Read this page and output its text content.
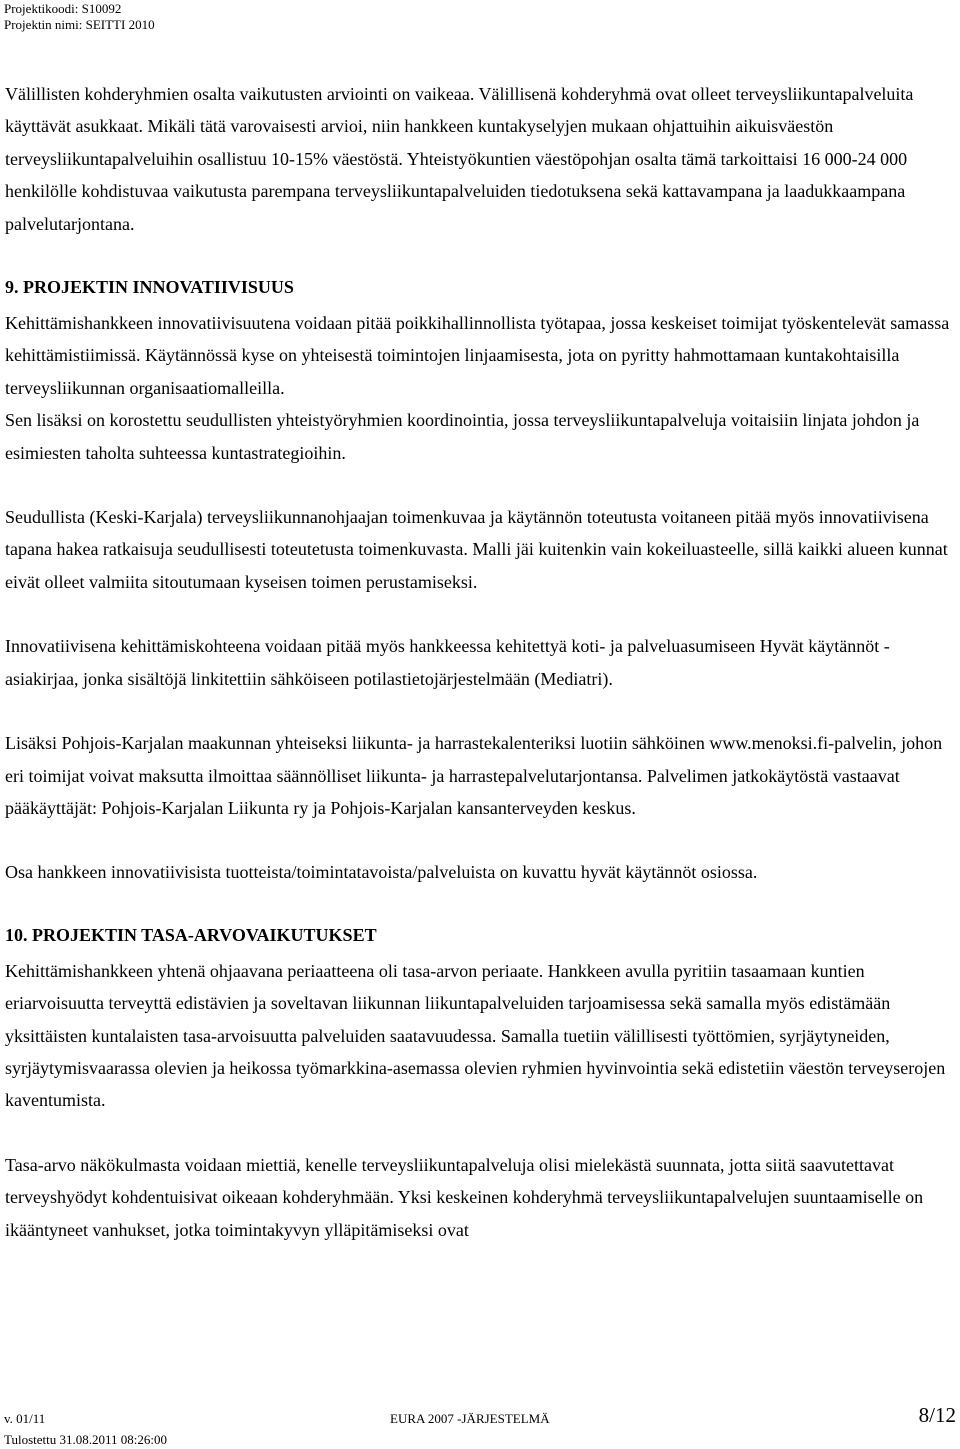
Projektikoodi: S10092
Projektin nimi: SEITTI 2010

Välillisten kohderyhmien osalta vaikutusten arviointi on vaikeaa. Välillisenä kohderyhmä ovat olleet terveysliikuntapalveluita käyttävät asukkaat. Mikäli tätä varovaisesti arvioi, niin hankkeen kuntakyselyjen mukaan ohjattuihin aikuisväestön terveysliikuntapalveluihin osallistuu 10-15% väestöstä. Yhteistyökuntien väestöpohjan osalta tämä tarkoittaisi 16 000-24 000 henkilölle kohdistuvaa vaikutusta parempana terveysliikuntapalveluiden tiedotuksena sekä kattavampana ja laadukkaampana palvelutarjontana.

9. PROJEKTIN INNOVATIIVISUUS

Kehittämishankkeen innovatiivisuutena voidaan pitää poikkihallinnollista työtapaa, jossa keskeiset toimijat työskentelevät samassa kehittämistiimissä. Käytännössä kyse on yhteisestä toimintojen linjaamisesta, jota on pyritty hahmottamaan kuntakohtaisilla terveysliikunnan organisaatiomalleilla.

Sen lisäksi on korostettu seudullisten yhteistyöryhmien koordinointia, jossa terveysliikuntapalveluja voitaisiin linjata johdon ja esimiesten taholta suhteessa kuntastrategioihin.

Seudullista (Keski-Karjala) terveysliikunnanohjaajan toimenkuvaa ja käytännön toteutusta voitaneen pitää myös innovatiivisena tapana hakea ratkaisuja seudullisesti toteutetusta toimenkuvasta. Malli jäi kuitenkin vain kokeiluasteelle, sillä kaikki alueen kunnat eivät olleet valmiita sitoutumaan kyseisen toimen perustamiseksi.

Innovatiivisena kehittämiskohteena voidaan pitää myös hankkeessa kehitettyä koti- ja palveluasumiseen Hyvät käytännöt -asiakirjaa, jonka sisältöjä linkitettiin sähköiseen potilastietojärjestelmään (Mediatri).

Lisäksi Pohjois-Karjalan maakunnan yhteiseksi liikunta- ja harrastekalenteriksi luotiin sähköinen www.menoksi.fi-palvelin, johon eri toimijat voivat maksutta ilmoittaa säännölliset liikunta- ja harrastepalvelutarjontansa. Palvelimen jatkokäytöstä vastaavat pääkäyttäjät: Pohjois-Karjalan Liikunta ry ja Pohjois-Karjalan kansanterveyden keskus.

Osa hankkeen innovatiivisista tuotteista/toimintatavoista/palveluista on kuvattu hyvät käytännöt osiossa.

10. PROJEKTIN TASA-ARVOVAIKUTUKSET

Kehittämishankkeen yhtenä ohjaavana periaatteena oli tasa-arvon periaate. Hankkeen avulla pyritiin tasaamaan kuntien eriarvoisuutta terveyttä edistävien ja soveltavan liikunnan liikuntapalveluiden tarjoamisessa sekä samalla myös edistämään yksittäisten kuntalaisten tasa-arvoisuutta palveluiden saatavuudessa. Samalla tuetiin välillisesti työttömien, syrjäytyneiden, syrjäytymisvaarassa olevien ja heikossa työmarkkina-asemassa olevien ryhmien hyvinvointia sekä edistetiin väestön terveyserojen kaventumista.

Tasa-arvo näkökulmasta voidaan miettiä, kenelle terveysliikuntapalveluja olisi mielekästä suunnata, jotta siitä saavutettavat terveyshyödyt kohdentuisivat oikeaan kohderyhmään. Yksi keskeinen kohderyhmä terveysliikuntapalvelujen suuntaamiselle on ikääntyneet vanhukset, jotka toimintakyvyn ylläpitämiseksi ovat

v. 01/11	EURA 2007 -JÄRJESTELMÄ	8/12
Tulostettu 31.08.2011 08:26:00
